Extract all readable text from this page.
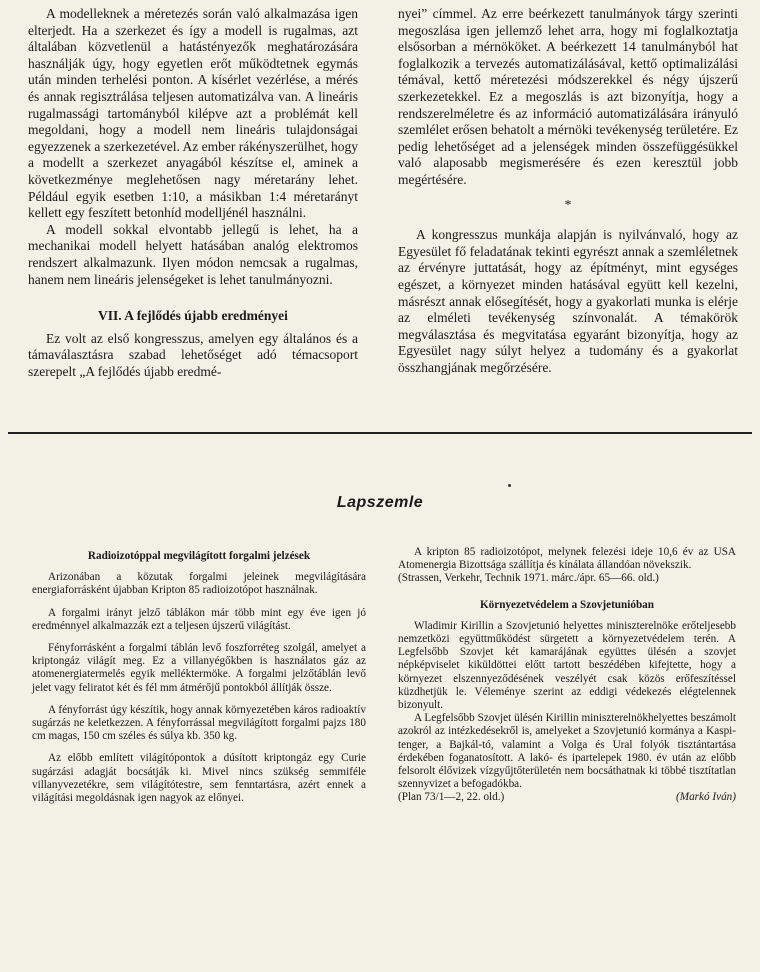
A modelleknek a méretezés során való alkalmazása igen elterjedt. Ha a szerkezet és így a modell is rugalmas, azt általában közvetlenül a hatástényezők meghatározására használják úgy, hogy egyetlen erőt működtetnek egymás után minden terhelési ponton. A kísérlet vezérlése, a mérés és annak regisztrálása teljesen automatizálva van. A lineáris rugalmassági tartományból kilépve azt a problémát kell megoldani, hogy a modell nem lineáris tulajdonságai egyezzenek a szerkezetével. Az ember rákényszerülhet, hogy a modellt a szerkezet anyagából készítse el, aminek a következménye meglehetősen nagy méretarány lehet. Például egyik esetben 1:10, a másikban 1:4 méretarányt kellett egy feszített betonhíd modelljénél használni.

A modell sokkal elvontabb jellegű is lehet, ha a mechanikai modell helyett hatásában analóg elektromos rendszert alkalmazunk. Ilyen módon nemcsak a rugalmas, hanem nem lineáris jelenségeket is lehet tanulmányozni.

VII. A fejlődés újabb eredményei

Ez volt az első kongresszus, amelyen egy általános és a támaválasztásra szabad lehetőséget adó témacsoport szerepelt „A fejlődés újabb eredmé-

nyei” címmel. Az erre beérkezett tanulmányok tárgy szerinti megoszlása igen jellemző lehet arra, hogy mi foglalkoztatja elsősorban a mérnököket. A beérkezett 14 tanulmányból hat foglalkozik a tervezés automatizálásával, kettő optimalizálási témával, kettő méretezési módszerekkel és négy újszerű szerkezetekkel. Ez a megoszlás is azt bizonyítja, hogy a rendszerelméletre és az információ automatizálására irányuló szemlélet erősen behatolt a mérnöki tevékenység területére. Ez pedig lehetőséget ad a jelenségek minden összefüggésükkel való alaposabb megismerésére és ezen keresztül jobb megértésére.

*

A kongresszus munkája alapján is nyilvánvaló, hogy az Egyesület fő feladatának tekinti egyrészt annak a szemléletnek az érvényre juttatását, hogy az építményt, mint egységes egészet, a környezet minden hatásával együtt kell kezelni, másrészt annak elősegítését, hogy a gyakorlati munka is elérje az elméleti tevékenység színvonalát. A témakörök megválasztása és megvitatása egyaránt bizonyítja, hogy az Egyesület nagy súlyt helyez a tudomány és a gyakorlat összhangjának megőrzésére.

Lapszemle

Radioizotóppal megvilágított forgalmi jelzések

Arizonában a közutak forgalmi jeleinek megvilágítására energiaforrásként újabban Kripton 85 radioizotópot használnak.

A forgalmi irányt jelző táblákon már több mint egy éve igen jó eredménnyel alkalmazzák ezt a teljesen újszerű világítást.

Fényforrásként a forgalmi táblán levő foszforréteg szolgál, amelyet a kriptongáz világít meg. Ez a villanyégőkben is használatos gáz az atomenergiatermelés egyik melléktermöke. A forgalmi jelzőtáblán levő jelet vagy feliratot két és fél mm átmérőjű pontokból állítják össze.

A fényforrást úgy készítik, hogy annak környezetében káros radioaktív sugárzás ne keletkezzen. A fényforrással megvilágított forgalmi pajzs 180 cm magas, 150 cm széles és súlya kb. 350 kg.

Az előbb említett világítópontok a dúsított kriptongáz egy Curie sugárzási adagját bocsátják ki. Mivel nincs szükség semmiféle villanyvezetékre, sem világítótestre, sem fenntartásra, azért ennek a világítási megoldásnak igen nagyok az előnyei.

A kripton 85 radioizotópot, melynek felezési ideje 10,6 év az USA Atomenergia Bizottsága szállítja és kínálata állandóan növekszik.

(Strassen, Verkehr, Technik 1971. márc./ápr. 65—66. old.)

Környezetvédelem a Szovjetunióban

Wladimir Kirillin a Szovjetunió helyettes miniszterelnöke erőteljesebb nemzetközi együttműködést sürgetett a környezetvédelem terén. A Legfelsőbb Szovjet két kamarájának együttes ülésén a szovjet népképviselet kiküldöttei előtt tartott beszédében kifejtette, hogy a környezet elszennyeződésének veszélyét csak közös erőfeszítéssel küzdhetjük le. Véleménye szerint az eddigi védekezés elégtelennek bizonyult.

A Legfelsőbb Szovjet ülésén Kirillin miniszterelnökhelyettes beszámolt azokról az intézkedésekről is, amelyeket a Szovjetunió kormánya a Kaspi-tenger, a Bajkál-tó, valamint a Volga és Ural folyók tisztántartása érdekében foganatosított. A lakó- és ipartelepek 1980. év után az előbb felsorolt élővizek vízgyűjtőterületén nem bocsáthatnak ki többé tisztítatlan szennyvizet a befogadókba.

(Plan 73/1—2, 22. old.)	(Markó Iván)
